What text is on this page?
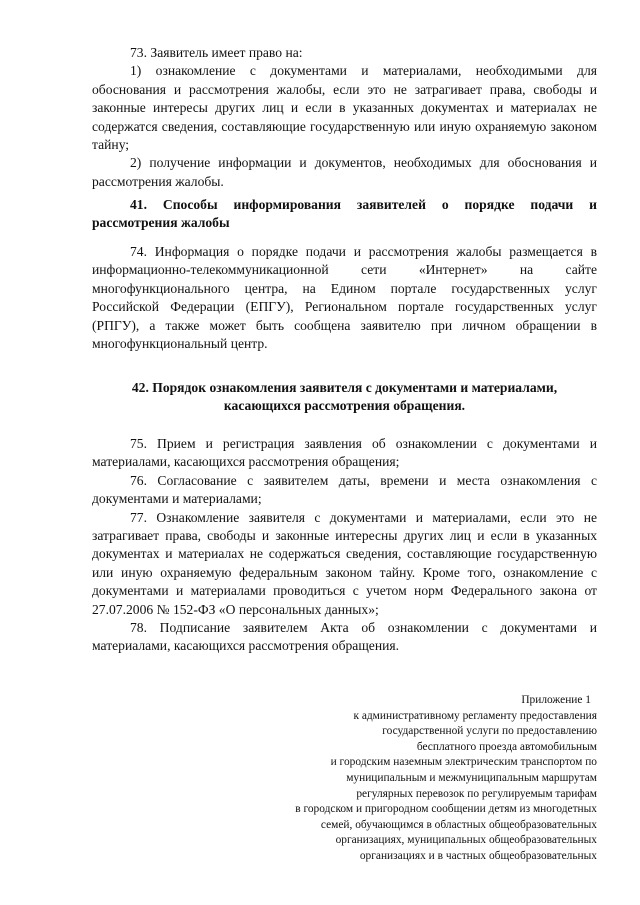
73. Заявитель имеет право на:

1) ознакомление с документами и материалами, необходимыми для обоснования и рассмотрения жалобы, если это не затрагивает права, свободы и законные интересы других лиц и если в указанных документах и материалах не содержатся сведения, составляющие государственную или иную охраняемую законом тайну;

2) получение информации и документов, необходимых для обоснования и рассмотрения жалобы.

41. Способы информирования заявителей о порядке подачи и рассмотрения жалобы

74. Информация о порядке подачи и рассмотрения жалобы размещается в информационно-телекоммуникационной сети «Интернет» на сайте многофункционального центра, на Едином портале государственных услуг Российской Федерации (ЕПГУ), Региональном портале государственных услуг (РПГУ), а также может быть сообщена заявителю при личном обращении в многофункциональный центр.

42. Порядок ознакомления заявителя с документами и материалами,

касающихся рассмотрения обращения.

75. Прием и регистрация заявления об ознакомлении с документами и материалами, касающихся рассмотрения обращения;

76. Согласование с заявителем даты, времени и места ознакомления с документами и материалами;

77. Ознакомление заявителя с документами и материалами, если это не затрагивает права, свободы и законные интересны других лиц и если в указанных документах и материалах не содержаться сведения, составляющие государственную или иную охраняемую федеральным законом тайну. Кроме того, ознакомление с документами и материалами проводиться с учетом норм Федерального закона от 27.07.2006 № 152-ФЗ «О персональных данных»;

78. Подписание заявителем Акта об ознакомлении с документами и материалами, касающихся рассмотрения обращения.

Приложение 1
к административному регламенту предоставления
государственной услуги по предоставлению
бесплатного проезда автомобильным
и городским наземным электрическим транспортом по
муниципальным и межмуниципальным маршрутам
регулярных перевозок по регулируемым тарифам
в городском и пригородном сообщении детям из многодетных
семей, обучающимся в областных общеобразовательных
организациях, муниципальных общеобразовательных
организациях и в частных общеобразовательных
